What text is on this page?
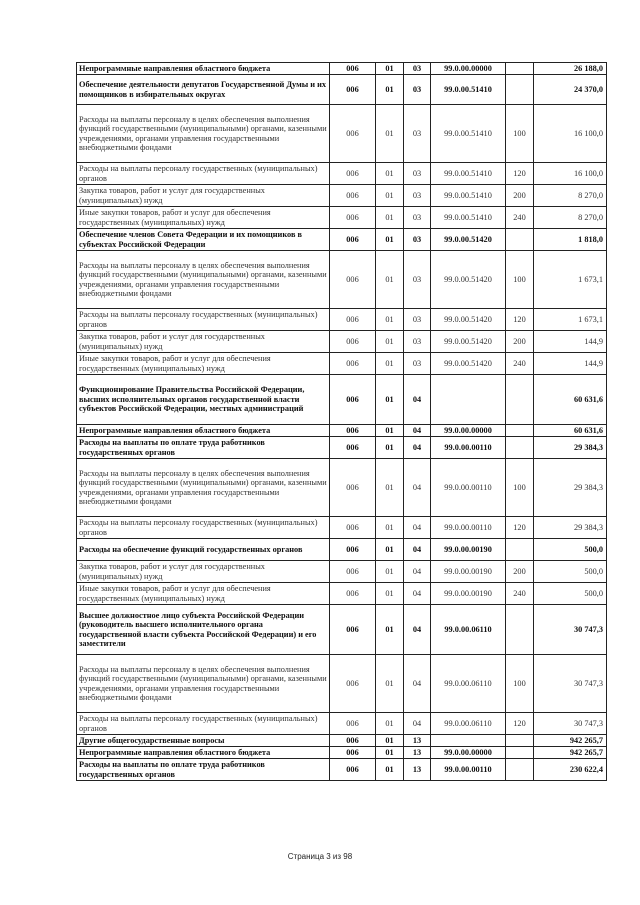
Непрограммные направления областного бюджета	006	01	03	99.0.00.00000		26 188,0
Обеспечение деятельности депутатов Государственной Думы и их помощников в избирательных округах	006	01	03	99.0.00.51410		24 370,0
Расходы на выплаты персоналу в целях обеспечения выполнения функций государственными (муниципальными) органами, казенными учреждениями, органами управления государственными внебюджетными фондами	006	01	03	99.0.00.51410	100	16 100,0
Расходы на выплаты персоналу государственных (муниципальных) органов	006	01	03	99.0.00.51410	120	16 100,0
Закупка товаров, работ и услуг для государственных (муниципальных) нужд	006	01	03	99.0.00.51410	200	8 270,0
Иные закупки товаров, работ и услуг для обеспечения государственных (муниципальных) нужд	006	01	03	99.0.00.51410	240	8 270,0
Обеспечение членов Совета Федерации и их помощников в субъектах Российской Федерации	006	01	03	99.0.00.51420		1 818,0
Расходы на выплаты персоналу в целях обеспечения выполнения функций государственными (муниципальными) органами, казенными учреждениями, органами управления государственными внебюджетными фондами	006	01	03	99.0.00.51420	100	1 673,1
Расходы на выплаты персоналу государственных (муниципальных) органов	006	01	03	99.0.00.51420	120	1 673,1
Закупка товаров, работ и услуг для государственных (муниципальных) нужд	006	01	03	99.0.00.51420	200	144,9
Иные закупки товаров, работ и услуг для обеспечения государственных (муниципальных) нужд	006	01	03	99.0.00.51420	240	144,9
Функционирование Правительства Российской Федерации, высших исполнительных органов государственной власти субъектов Российской Федерации, местных администраций	006	01	04			60 631,6
Непрограммные направления областного бюджета	006	01	04	99.0.00.00000		60 631,6
Расходы на выплаты по оплате труда работников государственных органов	006	01	04	99.0.00.00110		29 384,3
Расходы на выплаты персоналу в целях обеспечения выполнения функций государственными (муниципальными) органами, казенными учреждениями, органами управления государственными внебюджетными фондами	006	01	04	99.0.00.00110	100	29 384,3
Расходы на выплаты персоналу государственных (муниципальных) органов	006	01	04	99.0.00.00110	120	29 384,3
Расходы на обеспечение функций государственных органов	006	01	04	99.0.00.00190		500,0
Закупка товаров, работ и услуг для государственных (муниципальных) нужд	006	01	04	99.0.00.00190	200	500,0
Иные закупки товаров, работ и услуг для обеспечения государственных (муниципальных) нужд	006	01	04	99.0.00.00190	240	500,0
Высшее должностное лицо субъекта Российской Федерации (руководитель высшего исполнительного органа государственной власти субъекта Российской Федерации) и его заместители	006	01	04	99.0.00.06110		30 747,3
Расходы на выплаты персоналу в целях обеспечения выполнения функций государственными (муниципальными) органами, казенными учреждениями, органами управления государственными внебюджетными фондами	006	01	04	99.0.00.06110	100	30 747,3
Расходы на выплаты персоналу государственных (муниципальных) органов	006	01	04	99.0.00.06110	120	30 747,3
Другие общегосударственные вопросы	006	01	13			942 265,7
Непрограммные направления областного бюджета	006	01	13	99.0.00.00000		942 265,7
Расходы на выплаты по оплате труда работников государственных органов	006	01	13	99.0.00.00110		230 622,4
Страница 3 из 98
